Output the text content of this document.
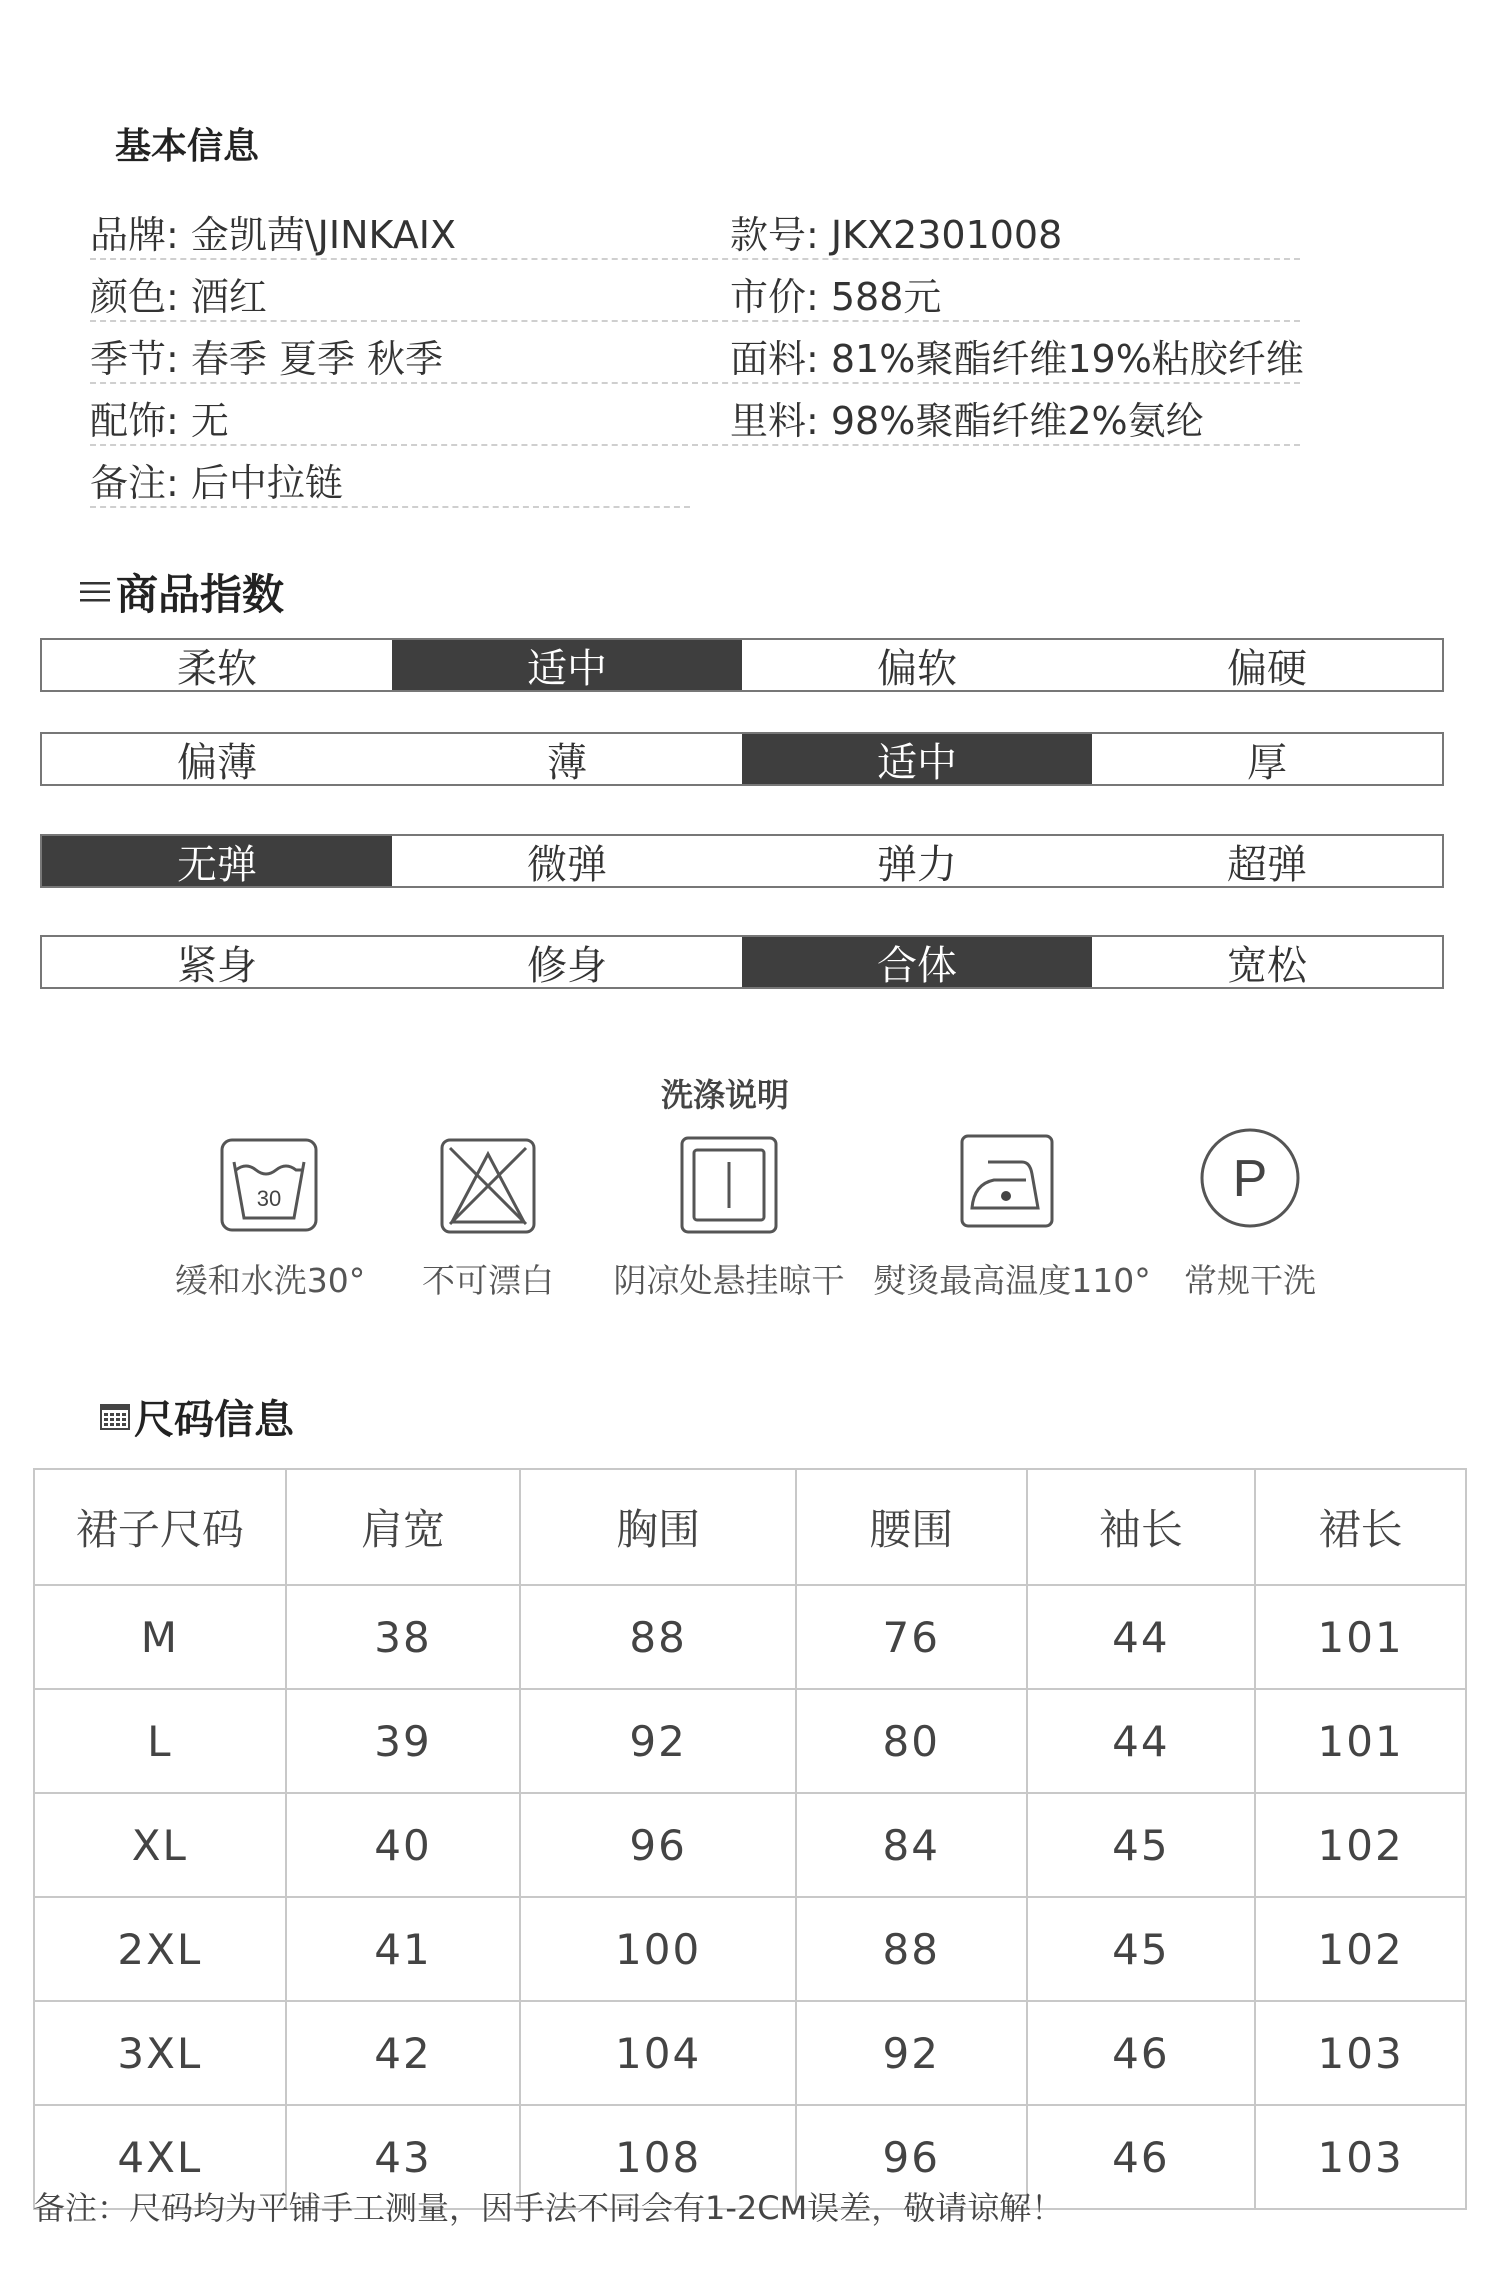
基本信息
品牌: 金凯茜\JINKAIX	款号: JKX2301008
颜色: 酒红	市价: 588元
季节: 春季 夏季 秋季	面料: 81%聚酯纤维19%粘胶纤维
配饰: 无	里料: 98%聚酯纤维2%氨纶
备注: 后中拉链
商品指数
柔软	适中	偏软	偏硬
偏薄	薄	适中	厚
无弹	微弹	弹力	超弹
紧身	修身	合体	宽松
洗涤说明
30	P
缓和水洗30° 不可漂白 阴凉处悬挂晾干 熨烫最高温度110° 常规干洗
尺码信息
裙子尺码	肩宽	胸围	腰围	袖长	裙长
M	38	88	76	44	101
L	39	92	80	44	101
XL	40	96	84	45	102
2XL	41	100	88	45	102
3XL	42	104	92	46	103
4XL	43	108	96	46	103
备注：尺码均为平铺手工测量，因手法不同会有1-2CM误差，敬请谅解！
